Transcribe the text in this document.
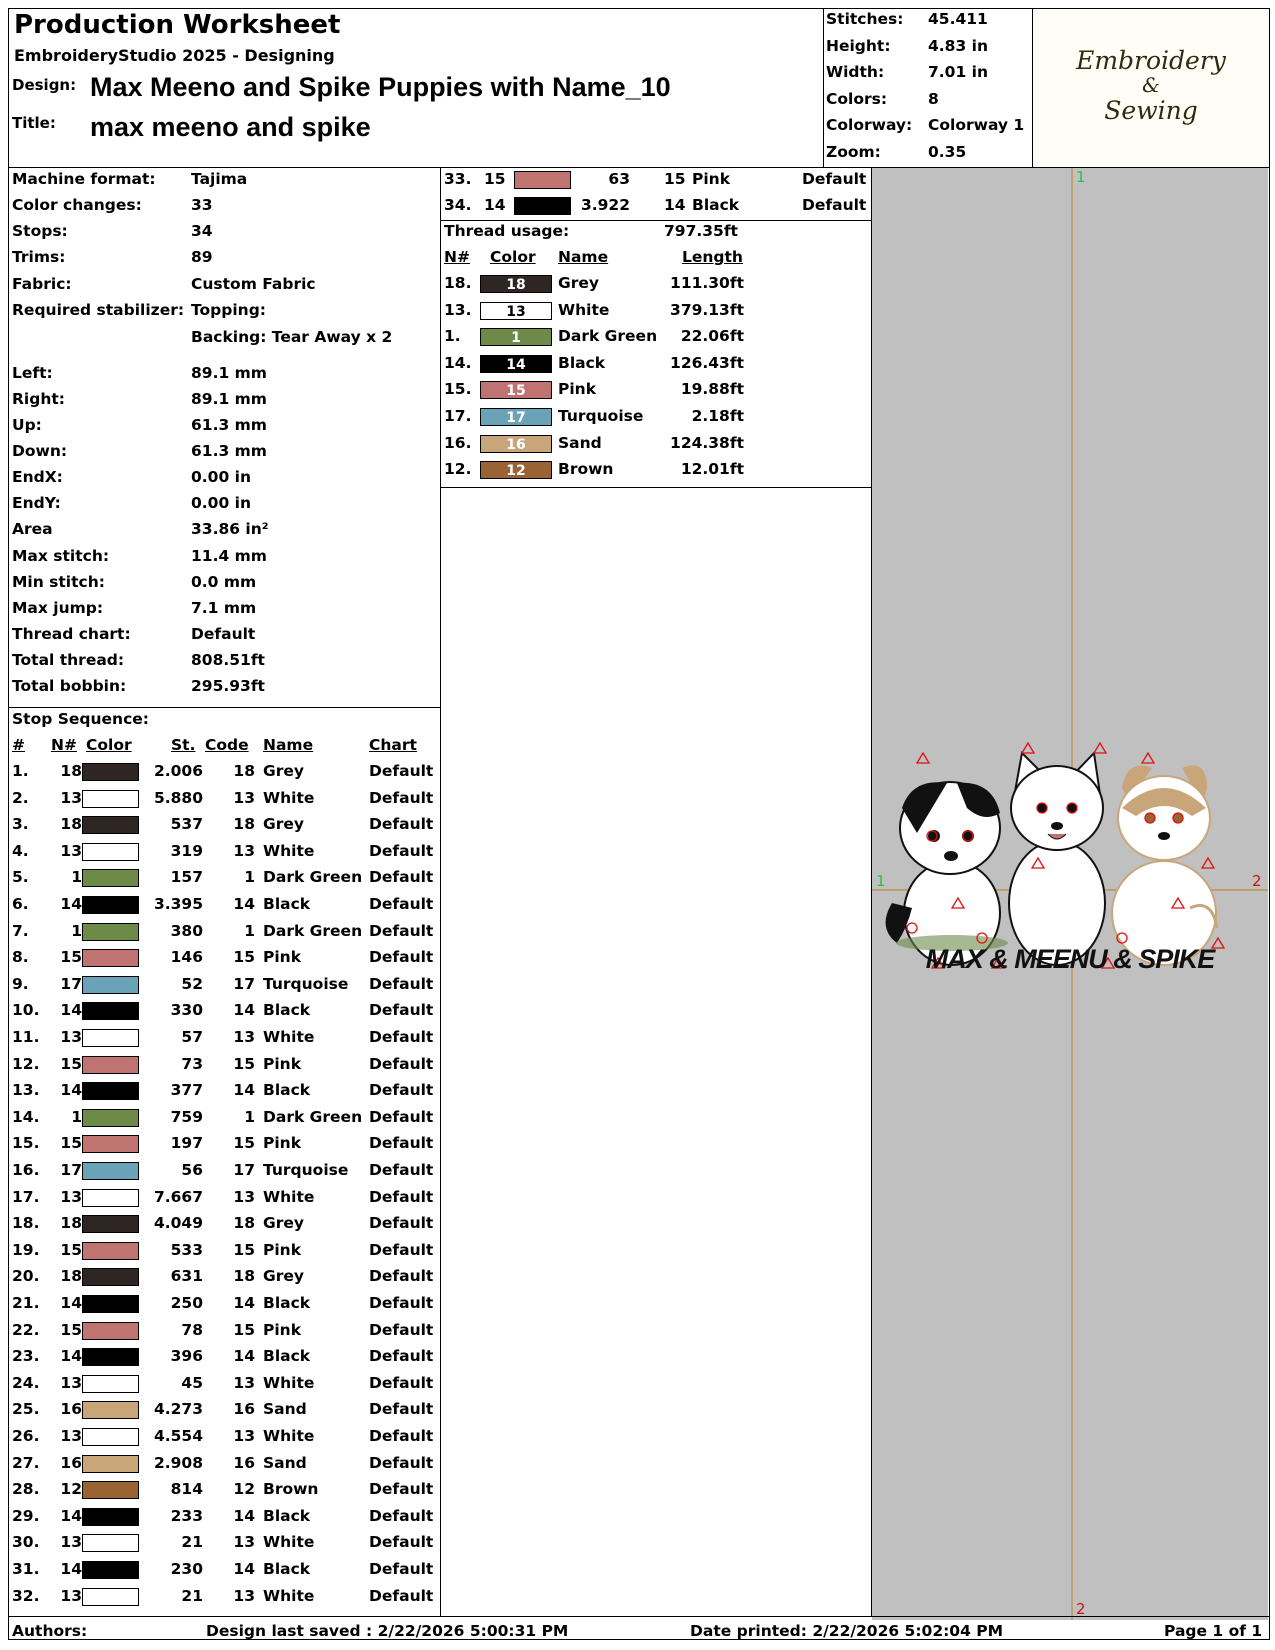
Production Worksheet
EmbroideryStudio 2025 - Designing
Design: Max Meeno and Spike Puppies with Name_10
Title: max meeno and spike
Stitches: 45.411
Height: 4.83 in
Width:	7.01 in
Colors:	8
Colorway: Colorway 1
Zoom:	0.35
Embroidery
&
Sewing
Machine format: Tajima
Color changes:	33
Stops:	34
Trims:	89
Fabric:	Custom Fabric
Required stabilizer: Topping:
Backing: Tear Away x 2
Left:	89.1 mm
Right:	89.1 mm
Up:	61.3 mm
Down:	61.3 mm
EndX:	0.00 in
EndY:	0.00 in
Area	33.86 in²
Max stitch:	11.4 mm
Min stitch:	0.0 mm
Max jump:	7.1 mm
Thread chart:	Default
Total thread:	808.51ft
Total bobbin:	295.93ft
Stop Sequence:
# N# Color	St. Code Name	Chart
1.	18	2.006	18 Grey	Default
2.	13	5.880	13 White	Default
3.	18	537	18 Grey	Default
4.	13	319	13 White	Default
5.	1	157	1 Dark Green Default
6.	14	3.395	14 Black	Default
7.	1	380	1 Dark Green Default
8.	15	146	15 Pink	Default
9.	17	52	17 Turquoise Default
10.	14	330	14 Black	Default
11.	13	57	13 White	Default
12.	15	73	15 Pink	Default
13.	14	377	14 Black	Default
14.	1	759	1 Dark Green Default
15.	15	197	15 Pink	Default
16.	17	56	17 Turquoise Default
17.	13	7.667	13 White	Default
18.	18	4.049	18 Grey	Default
19.	15	533	15 Pink	Default
20.	18	631	18 Grey	Default
21.	14	250	14 Black	Default
22.	15	78	15 Pink	Default
23.	14	396	14 Black	Default
24.	13	45	13 White	Default
25.	16	4.273	16 Sand	Default
26.	13	4.554	13 White	Default
27.	16	2.908	16 Sand	Default
28.	12	814	12 Brown	Default
29.	14	233	14 Black	Default
30.	13	21	13 White	Default
31.	14	230	14 Black	Default
32.	13	21	13 White	Default
33. 15	63 15 Pink	Default
34. 14	3.922 14 Black	Default
Thread usage:	797.35ft
N# Color Name	Length
18.	18	Grey	111.30ft
13.	13	White	379.13ft
1.	1	Dark Green	22.06ft
14.	14	Black	126.43ft
15.	15	Pink	19.88ft
17.	17	Turquoise	2.18ft
16.	16	Sand	124.38ft
12.	12	Brown	12.01ft
1
1	2
2
MAX & MEENU & SPIKE
Authors:	Design last saved : 2/22/2026 5:00:31 PM	Date printed: 2/22/2026 5:02:04 PM	Page 1 of 1
